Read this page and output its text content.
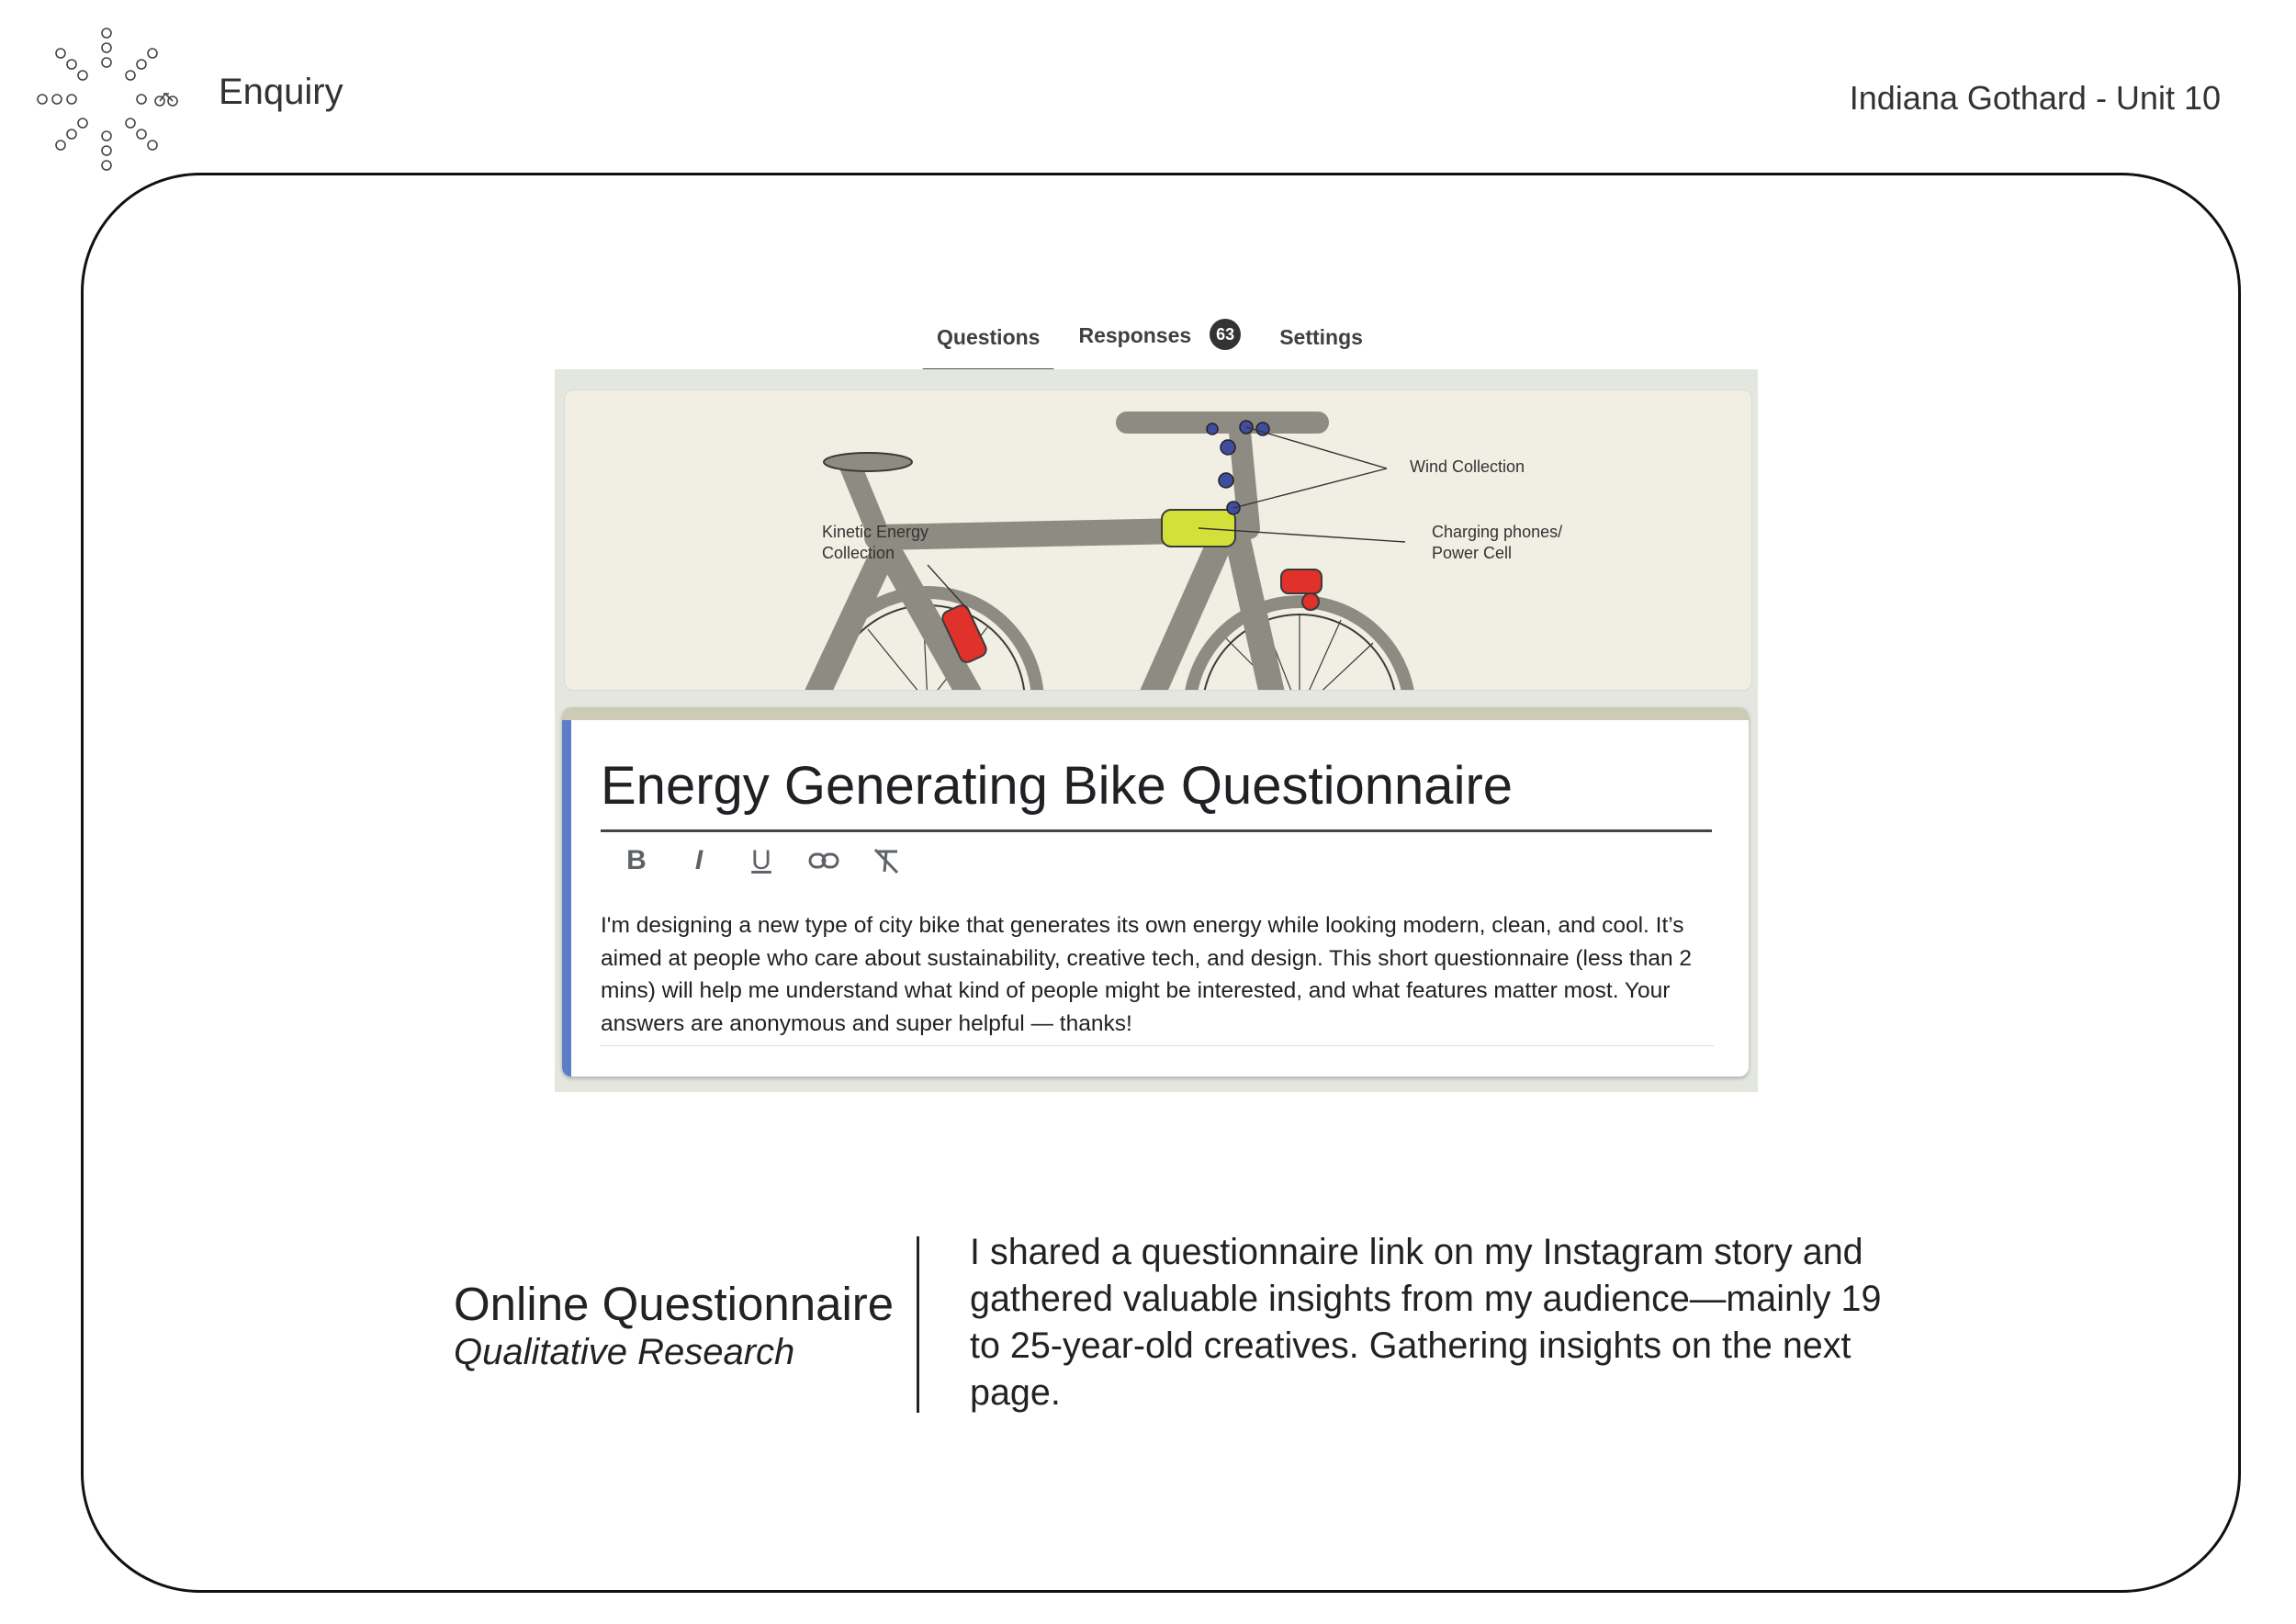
Enquiry	Indiana Gothard - Unit 10
Questions Responses 63	Settings
Wind Collection
Kinetic Energy
Collection
Charging phones/
Power Cell
Energy Generating Bike Questionnaire
B	I	U
I'm designing a new type of city bike that generates its own energy while looking modern, clean, and cool. It’s aimed at people who care about sustainability, creative tech, and design. This short questionnaire (less than 2 mins) will help me understand what kind of people might be interested, and what features matter most. Your answers are anonymous and super helpful — thanks!
Online Questionnaire
Qualitative Research
I shared a questionnaire link on my Instagram story and gathered valuable insights from my audience—mainly 19 to 25-year-old creatives. Gathering insights on the next page.
